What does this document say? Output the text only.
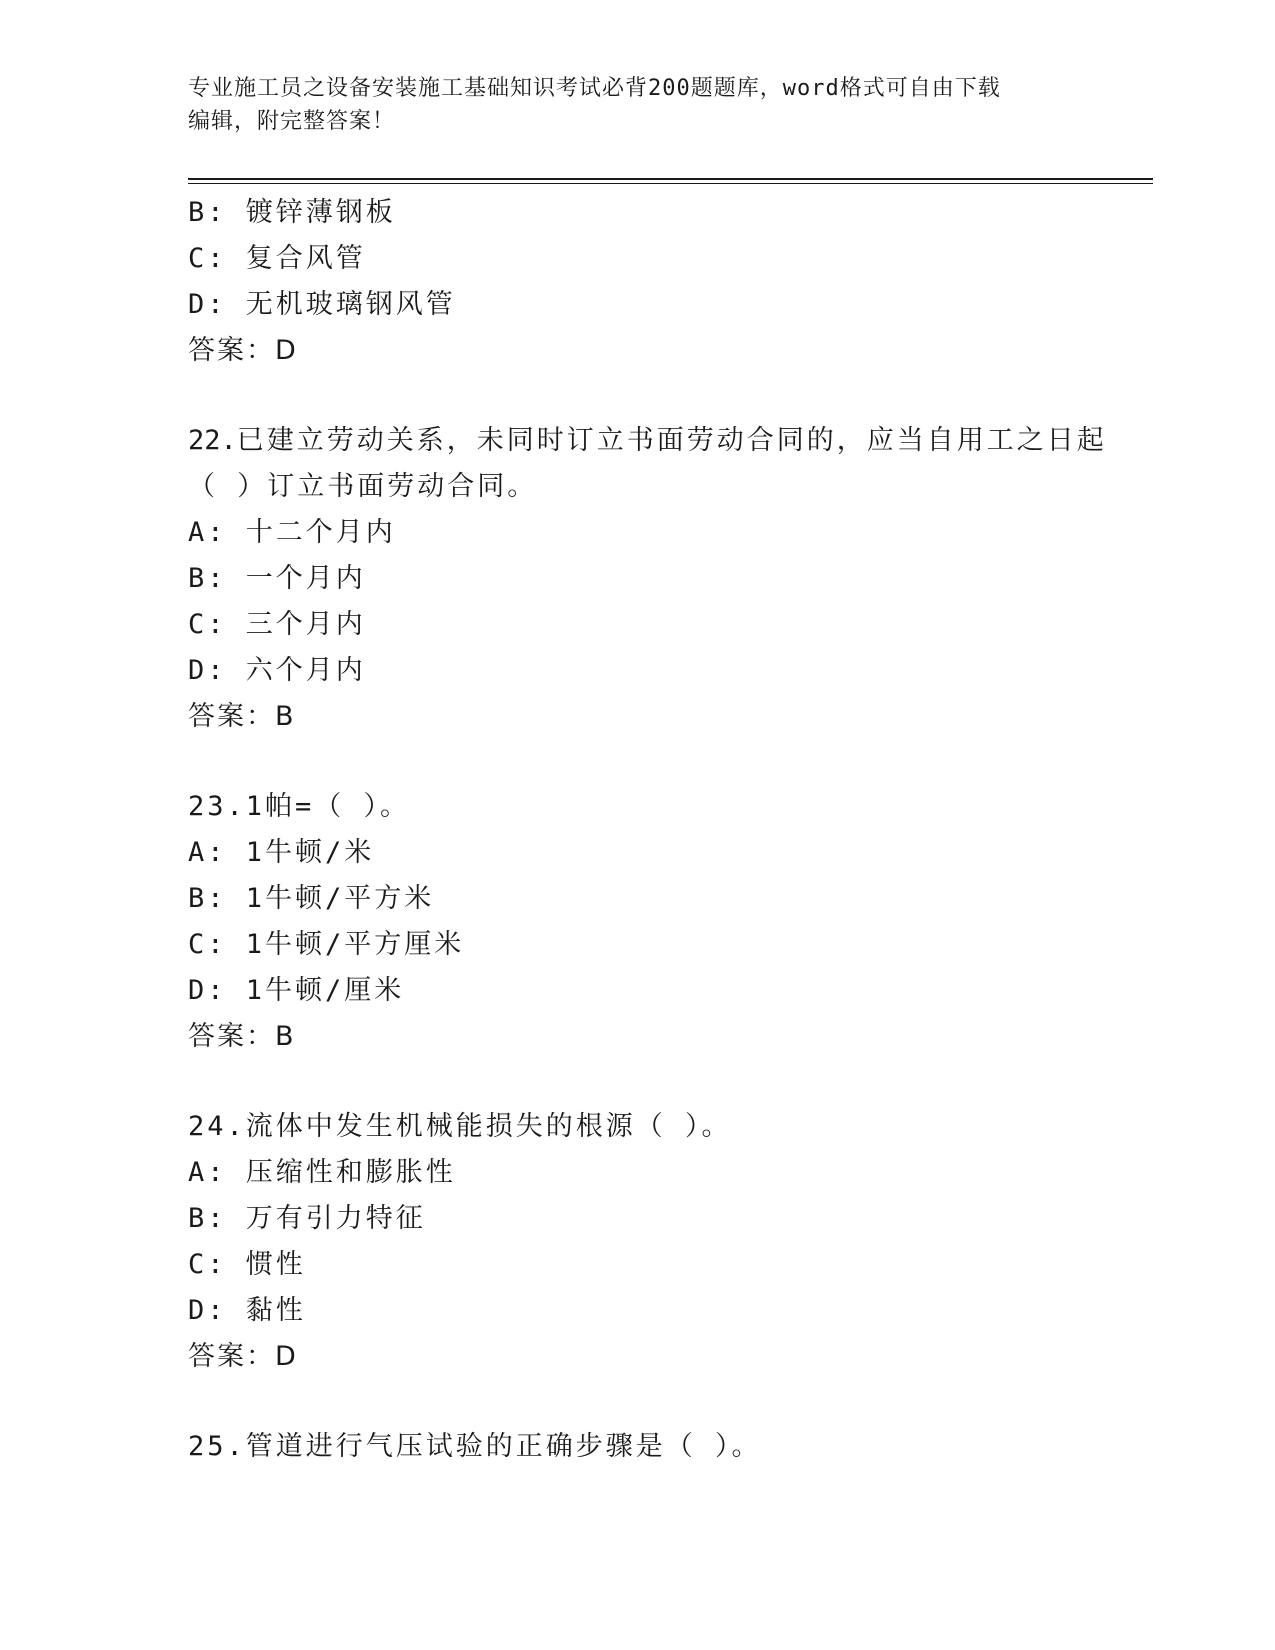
专业施工员之设备安装施工基础知识考试必背200题题库，word格式可自由下载
编辑，附完整答案！
B: 镀锌薄钢板
C: 复合风管
D: 无机玻璃钢风管
答案：D
22.已建立劳动关系，未同时订立书面劳动合同的，应当自用工之日起
（ ）订立书面劳动合同。
A: 十二个月内
B: 一个月内
C: 三个月内
D: 六个月内
答案：B
23.1帕=（ ）。
A: 1牛顿/米
B: 1牛顿/平方米
C: 1牛顿/平方厘米
D: 1牛顿/厘米
答案：B
24.流体中发生机械能损失的根源（ ）。
A: 压缩性和膨胀性
B: 万有引力特征
C: 惯性
D: 黏性
答案：D
25.管道进行气压试验的正确步骤是（ ）。
